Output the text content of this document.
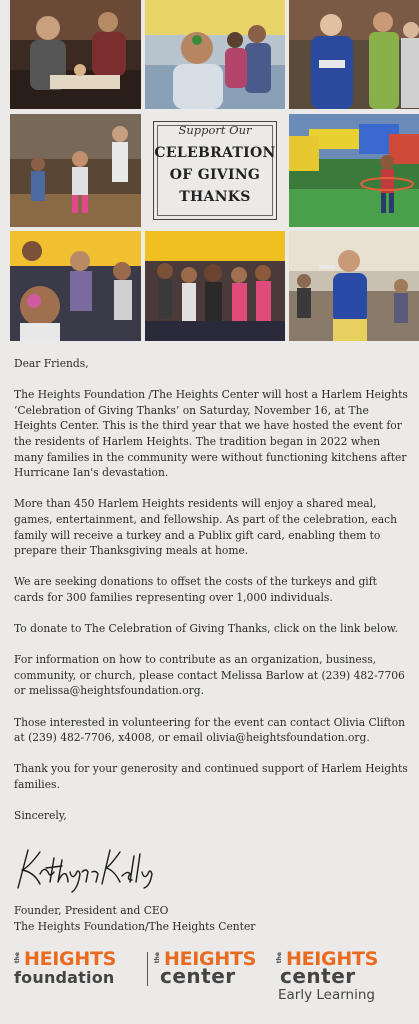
Support Our
CELEBRATION
OF GIVING
THANKS

Dear Friends,

The Heights Foundation /The Heights Center will host a Harlem Heights ‘Celebration of Giving Thanks’ on Saturday, November 16, at The Heights Center. This is the third year that we have hosted the event for the residents of Harlem Heights. The tradition began in 2022 when many families in the community were without functioning kitchens after Hurricane Ian's devastation.

More than 450 Harlem Heights residents will enjoy a shared meal, games, entertainment, and fellowship. As part of the celebration, each family will receive a turkey and a Publix gift card, enabling them to prepare their Thanksgiving meals at home.

We are seeking donations to offset the costs of the turkeys and gift cards for 300 families representing over 1,000 individuals.

To donate to The Celebration of Giving Thanks, click on the link below.

For information on how to contribute as an organization, business, community, or church, please contact Melissa Barlow at (239) 482-7706 or melissa@heightsfoundation.org.

Those interested in volunteering for the event can contact Olivia Clifton at (239) 482-7706, x4008, or email olivia@heightsfoundation.org.

Thank you for your generosity and continued support of Harlem Heights families.

Sincerely,

Founder, President and CEO
The Heights Foundation/The Heights Center
the HEIGHTS
foundation
the HEIGHTS
center
the HEIGHTS
center
Early Learning
